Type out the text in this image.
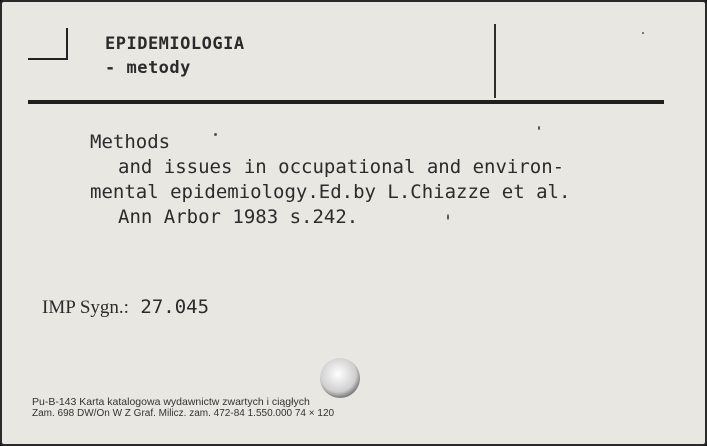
EPIDEMIOLOGIA
- metody
Methods
and issues in occupational and environ-
mental epidemiology.Ed.by L.Chiazze et al.
Ann Arbor 1983 s.242.
IMP Sygn.: 27.045
Pu-B-143 Karta katalogowa wydawnictw zwartych i ciągłych
Zam. 698 DW/On W Z Graf. Milicz. zam. 472-84 1.550.000 74 × 120
